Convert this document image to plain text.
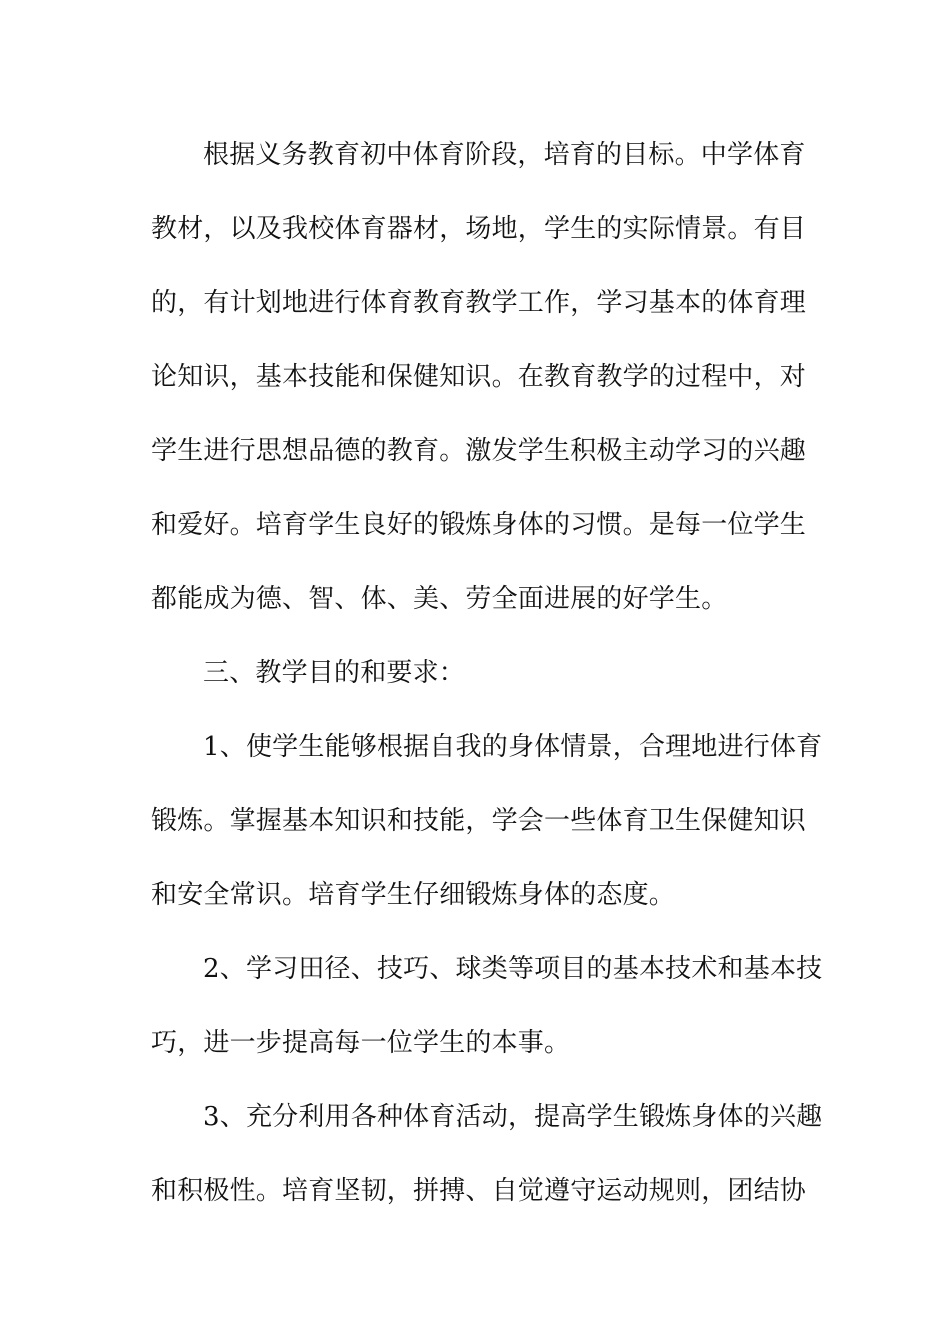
根据义务教育初中体育阶段，培育的目标。中学体育
教材，以及我校体育器材，场地，学生的实际情景。有目
的，有计划地进行体育教育教学工作，学习基本的体育理
论知识，基本技能和保健知识。在教育教学的过程中，对
学生进行思想品德的教育。激发学生积极主动学习的兴趣
和爱好。培育学生良好的锻炼身体的习惯。是每一位学生
都能成为德、智、体、美、劳全面进展的好学生。
三、教学目的和要求：
1、使学生能够根据自我的身体情景，合理地进行体育
锻炼。掌握基本知识和技能，学会一些体育卫生保健知识
和安全常识。培育学生仔细锻炼身体的态度。
2、学习田径、技巧、球类等项目的基本技术和基本技
巧，进一步提高每一位学生的本事。
3、充分利用各种体育活动，提高学生锻炼身体的兴趣
和积极性。培育坚韧，拼搏、自觉遵守运动规则，团结协
